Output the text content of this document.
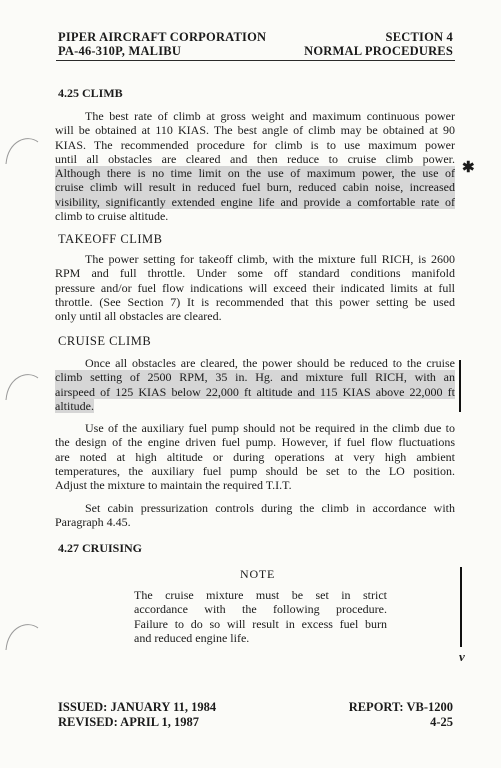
PIPER AIRCRAFT CORPORATION
PA-46-310P, MALIBU
SECTION 4
NORMAL PROCEDURES
4.25 CLIMB
The best rate of climb at gross weight and maximum continuous power
will be obtained at 110 KIAS. The best angle of climb may be obtained at 90
KIAS. The recommended procedure for climb is to use maximum power
until all obstacles are cleared and then reduce to cruise climb power.
Although there is no time limit on the use of maximum power, the use of
cruise climb will result in reduced fuel burn, reduced cabin noise, increased
visibility, significantly extended engine life and provide a comfortable rate of
climb to cruise altitude.
✱
TAKEOFF CLIMB
The power setting for takeoff climb, with the mixture full RICH, is 2600
RPM and full throttle. Under some off standard conditions manifold
pressure and/or fuel flow indications will exceed their indicated limits at full
throttle. (See Section 7) It is recommended that this power setting be used
only until all obstacles are cleared.
CRUISE CLIMB
Once all obstacles are cleared, the power should be reduced to the cruise
climb setting of 2500 RPM, 35 in. Hg. and mixture full RICH, with an
airspeed of 125 KIAS below 22,000 ft altitude and 115 KIAS above 22,000 ft
altitude.
Use of the auxiliary fuel pump should not be required in the climb due to
the design of the engine driven fuel pump. However, if fuel flow fluctuations
are noted at high altitude or during operations at very high ambient
temperatures, the auxiliary fuel pump should be set to the LO position.
Adjust the mixture to maintain the required T.I.T.
Set cabin pressurization controls during the climb in accordance with
Paragraph 4.45.
4.27 CRUISING
NOTE
The cruise mixture must be set in strict
accordance with the following procedure.
Failure to do so will result in excess fuel burn
and reduced engine life.
v
ISSUED: JANUARY 11, 1984
REVISED: APRIL 1, 1987
REPORT: VB-1200
4-25
